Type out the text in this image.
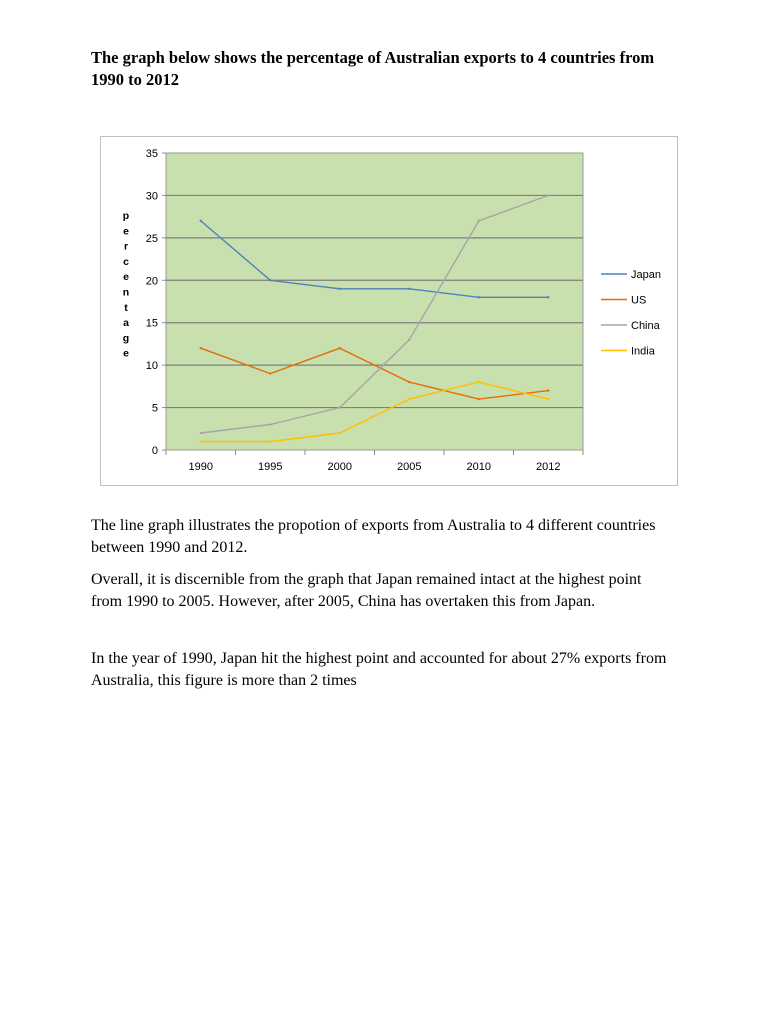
The graph below shows the percentage of Australian exports to 4 countries from 1990 to 2012
0
5
10
15
20
25
30
35
1990	1995	2000	2005	2010	2012
p
e
r
c
e
n
t
a
g
e
Japan
US
China
India

The line graph illustrates the propotion of exports from Australia to 4 different countries between 1990 and 2012.

Overall, it is discernible from the graph that Japan remained intact at the highest point from 1990 to 2005. However, after 2005, China has overtaken this from Japan.

In the year of 1990, Japan hit the highest point and accounted for about 27% exports from Australia, this figure is more than 2 times
